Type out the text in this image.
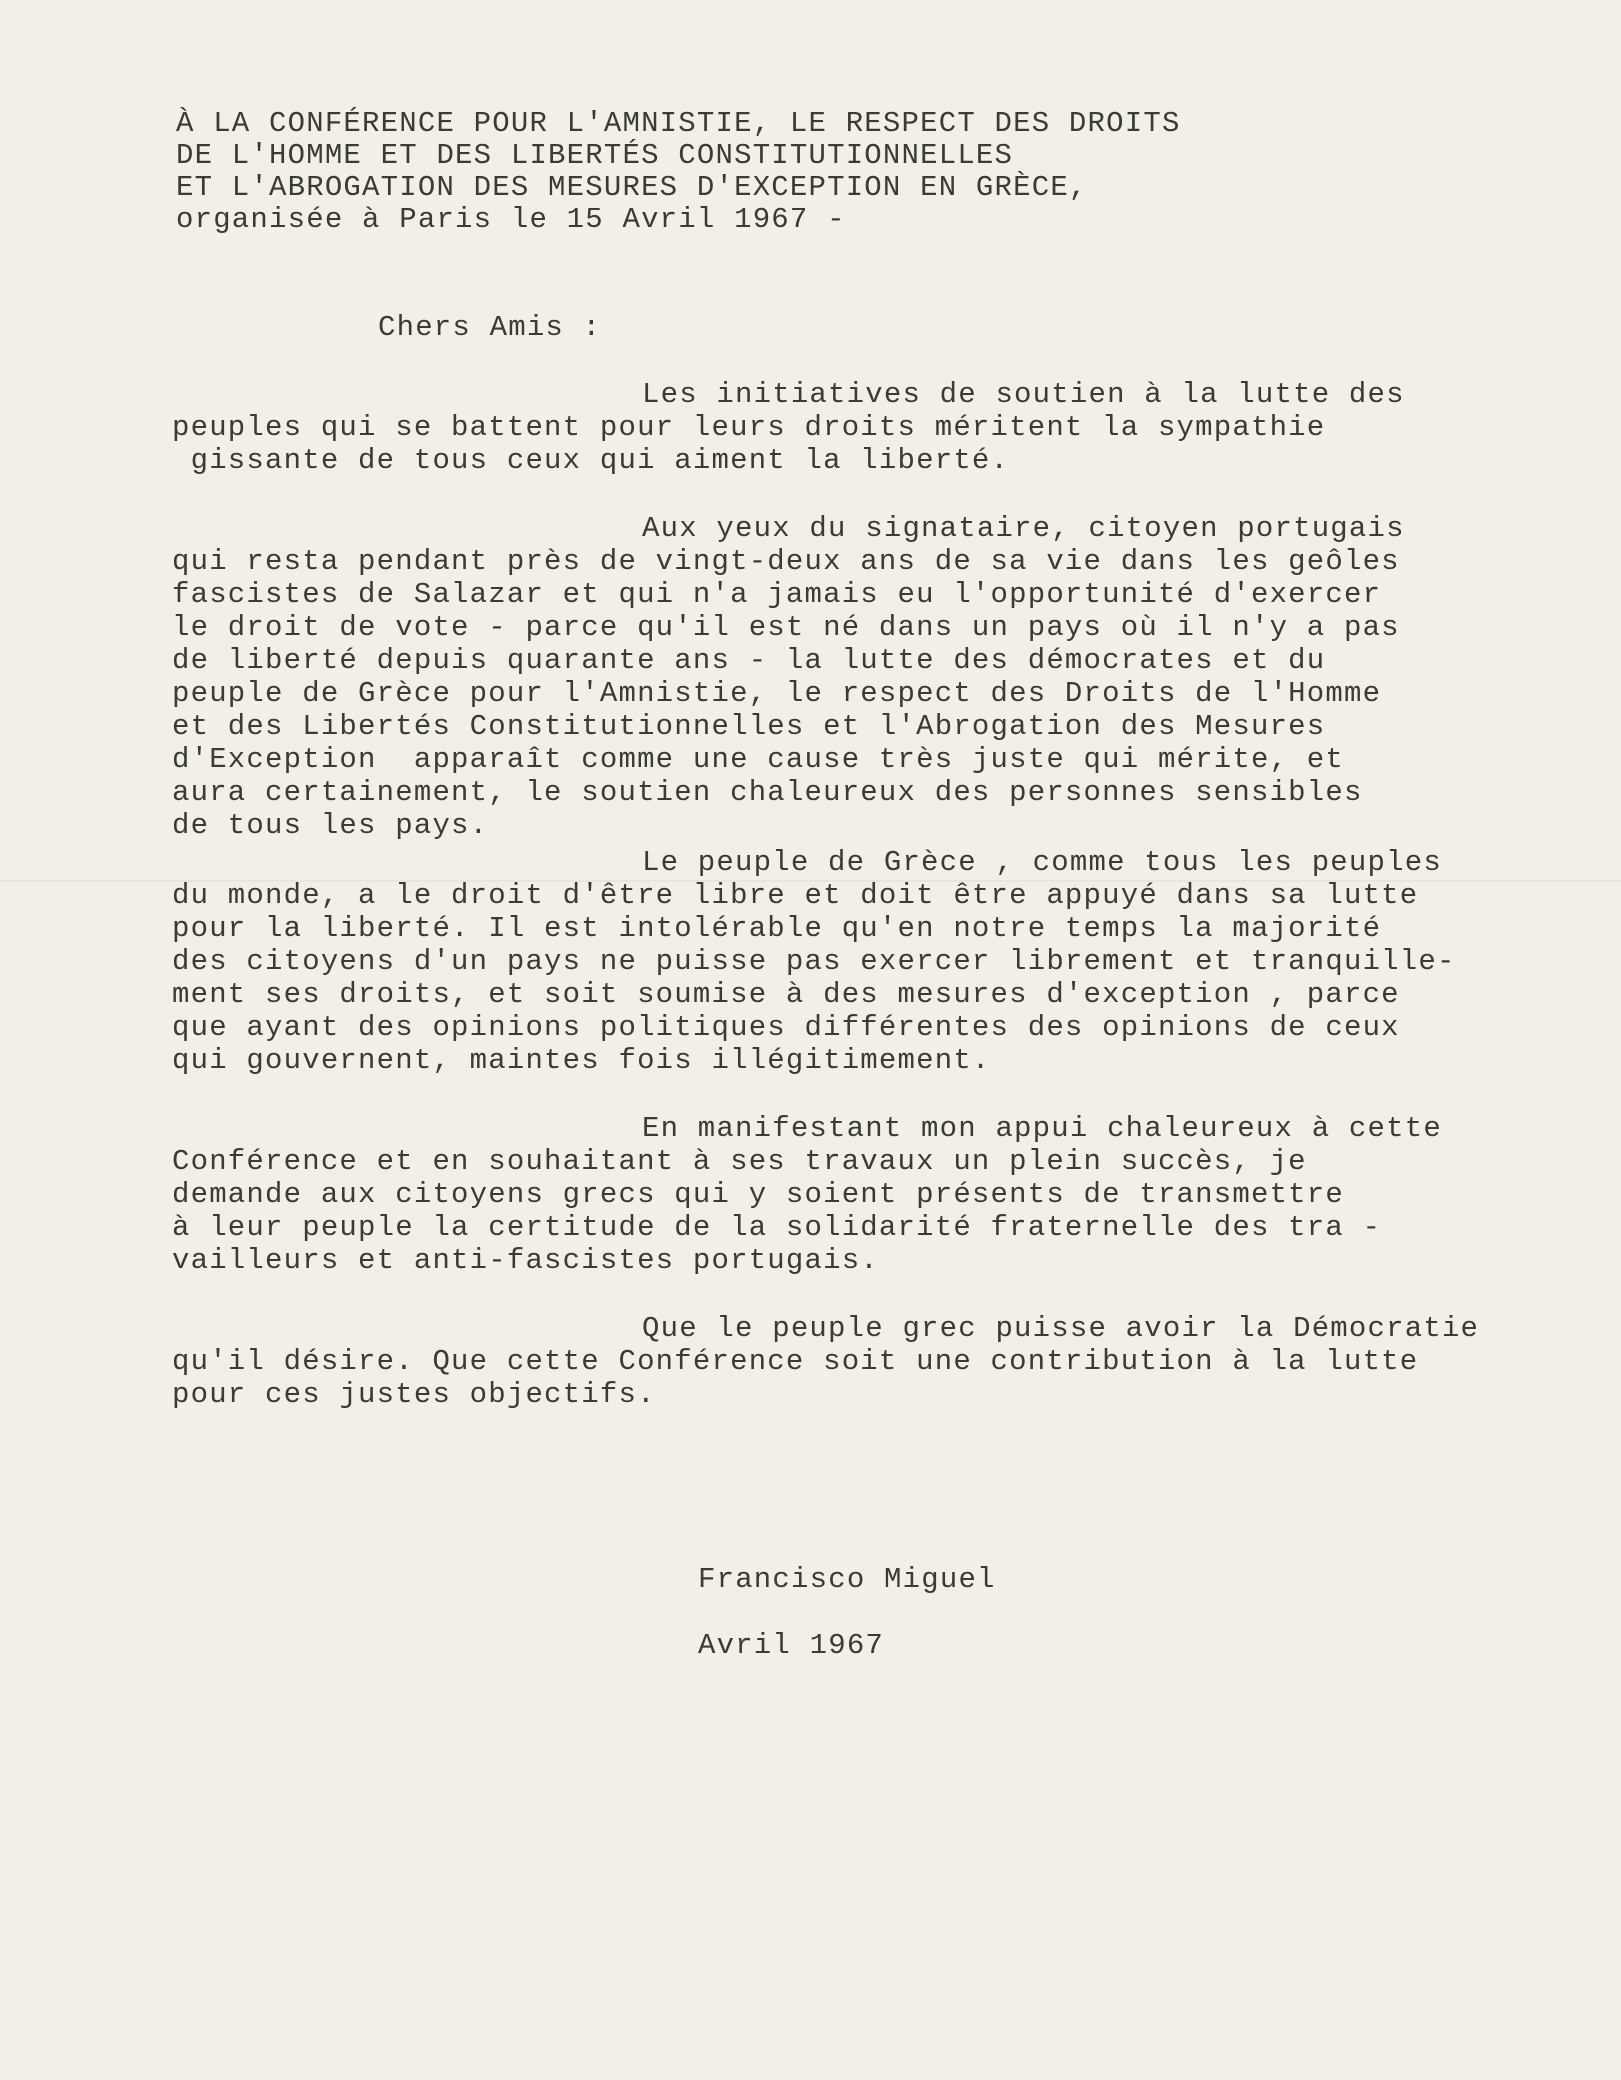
À LA CONFÉRENCE POUR L'AMNISTIE, LE RESPECT DES DROITS
DE L'HOMME ET DES LIBERTÉS CONSTITUTIONNELLES
ET L'ABROGATION DES MESURES D'EXCEPTION EN GRÈCE,
organisée à Paris le 15 Avril 1967 -
Chers Amis :
Les initiatives de soutien à la lutte des
peuples qui se battent pour leurs droits méritent la sympathie
gissante de tous ceux qui aiment la liberté.
Aux yeux du signataire, citoyen portugais
qui resta pendant près de vingt-deux ans de sa vie dans les geôles
fascistes de Salazar et qui n'a jamais eu l'opportunité d'exercer
le droit de vote - parce qu'il est né dans un pays où il n'y a pas
de liberté depuis quarante ans - la lutte des démocrates et du
peuple de Grèce pour l'Amnistie, le respect des Droits de l'Homme
et des Libertés Constitutionnelles et l'Abrogation des Mesures
d'Exception  apparaît comme une cause très juste qui mérite, et
aura certainement, le soutien chaleureux des personnes sensibles
de tous les pays.
Le peuple de Grèce , comme tous les peuples
du monde, a le droit d'être libre et doit être appuyé dans sa lutte
pour la liberté. Il est intolérable qu'en notre temps la majorité
des citoyens d'un pays ne puisse pas exercer librement et tranquille-
ment ses droits, et soit soumise à des mesures d'exception , parce
que ayant des opinions politiques différentes des opinions de ceux
qui gouvernent, maintes fois illégitimement.
En manifestant mon appui chaleureux à cette
Conférence et en souhaitant à ses travaux un plein succès, je
demande aux citoyens grecs qui y soient présents de transmettre
à leur peuple la certitude de la solidarité fraternelle des tra -
vailleurs et anti-fascistes portugais.
Que le peuple grec puisse avoir la Démocratie
qu'il désire. Que cette Conférence soit une contribution à la lutte
pour ces justes objectifs.
Francisco Miguel
Avril 1967
